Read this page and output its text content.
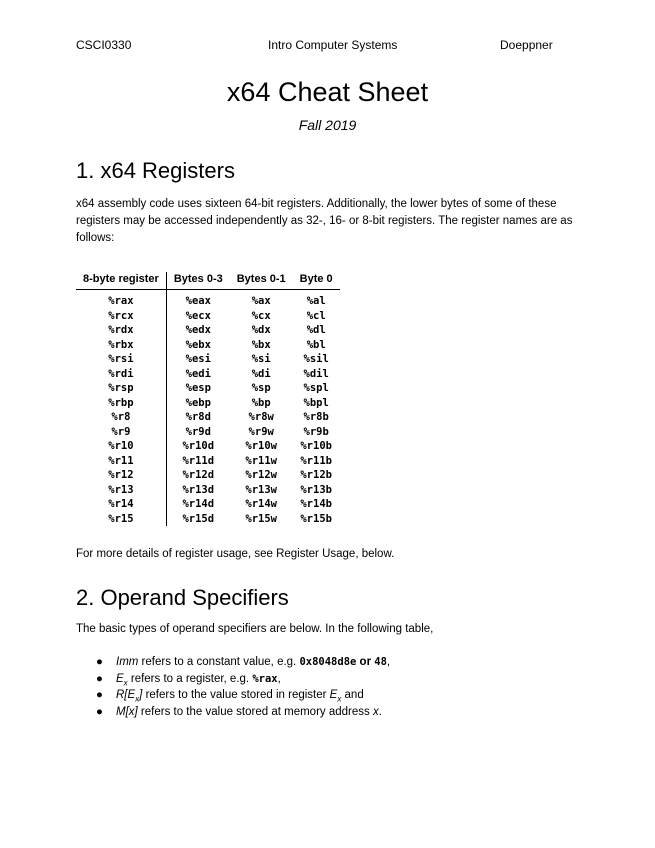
CSCI0330	Intro Computer Systems	Doeppner
x64 Cheat Sheet
Fall 2019
1. x64 Registers

x64 assembly code uses sixteen 64-bit registers. Additionally, the lower bytes of some of these registers may be accessed independently as 32-, 16- or 8-bit registers. The register names are as follows:

8-byte register	Bytes 0-3	Bytes 0-1	Byte 0
%rax	%eax	%ax	%al
%rcx	%ecx	%cx	%cl
%rdx	%edx	%dx	%dl
%rbx	%ebx	%bx	%bl
%rsi	%esi	%si	%sil
%rdi	%edi	%di	%dil
%rsp	%esp	%sp	%spl
%rbp	%ebp	%bp	%bpl
%r8	%r8d	%r8w	%r8b
%r9	%r9d	%r9w	%r9b
%r10	%r10d	%r10w	%r10b
%r11	%r11d	%r11w	%r11b
%r12	%r12d	%r12w	%r12b
%r13	%r13d	%r13w	%r13b
%r14	%r14d	%r14w	%r14b
%r15	%r15d	%r15w	%r15b

For more details of register usage, see Register Usage, below.

2. Operand Specifiers

The basic types of operand specifiers are below. In the following table,

● Imm refers to a constant value, e.g. 0x8048d8e or 48,
● $E_x$ refers to a register, e.g. %rax,
● $R[E_x]$ refers to the value stored in register $E_x$ and
● M[x] refers to the value stored at memory address x.
